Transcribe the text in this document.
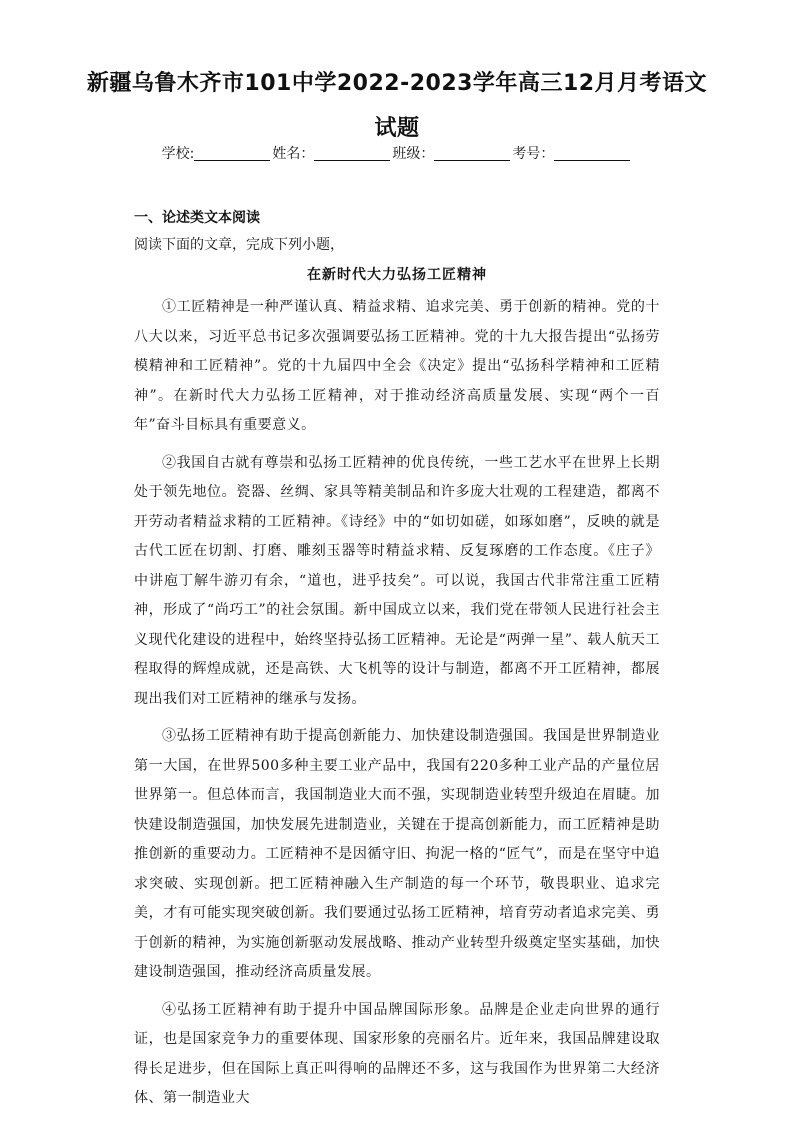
新疆乌鲁木齐市101中学2022-2023学年高三12月月考语文
试题
学校:	姓名：	班级：	考号：
一、论述类文本阅读
阅读下面的文章，完成下列小题，
在新时代大力弘扬工匠精神

①工匠精神是一种严谨认真、精益求精、追求完美、勇于创新的精神。党的十八大以来，习近平总书记多次强调要弘扬工匠精神。党的十九大报告提出“弘扬劳模精神和工匠精神”。党的十九届四中全会《决定》提出“弘扬科学精神和工匠精神”。在新时代大力弘扬工匠精神，对于推动经济高质量发展、实现“两个一百年”奋斗目标具有重要意义。

②我国自古就有尊崇和弘扬工匠精神的优良传统，一些工艺水平在世界上长期处于领先地位。瓷器、丝绸、家具等精美制品和许多庞大壮观的工程建造，都离不开劳动者精益求精的工匠精神。《诗经》中的“如切如磋，如琢如磨”，反映的就是古代工匠在切割、打磨、雕刻玉器等时精益求精、反复琢磨的工作态度。《庄子》中讲庖丁解牛游刃有余，“道也，进乎技矣”。可以说，我国古代非常注重工匠精神，形成了“尚巧工”的社会氛围。新中国成立以来，我们党在带领人民进行社会主义现代化建设的进程中，始终坚持弘扬工匠精神。无论是“两弹一星”、载人航天工程取得的辉煌成就，还是高铁、大飞机等的设计与制造，都离不开工匠精神，都展现出我们对工匠精神的继承与发扬。

③弘扬工匠精神有助于提高创新能力、加快建设制造强国。我国是世界制造业第一大国，在世界500多种主要工业产品中，我国有220多种工业产品的产量位居世界第一。但总体而言，我国制造业大而不强，实现制造业转型升级迫在眉睫。加快建设制造强国，加快发展先进制造业，关键在于提高创新能力，而工匠精神是助推创新的重要动力。工匠精神不是因循守旧、拘泥一格的“匠气”，而是在坚守中追求突破、实现创新。把工匠精神融入生产制造的每一个环节，敬畏职业、追求完美，才有可能实现突破创新。我们要通过弘扬工匠精神，培育劳动者追求完美、勇于创新的精神，为实施创新驱动发展战略、推动产业转型升级奠定坚实基础，加快建设制造强国，推动经济高质量发展。

④弘扬工匠精神有助于提升中国品牌国际形象。品牌是企业走向世界的通行证，也是国家竞争力的重要体现、国家形象的亮丽名片。近年来，我国品牌建设取得长足进步，但在国际上真正叫得响的品牌还不多，这与我国作为世界第二大经济体、第一制造业大
